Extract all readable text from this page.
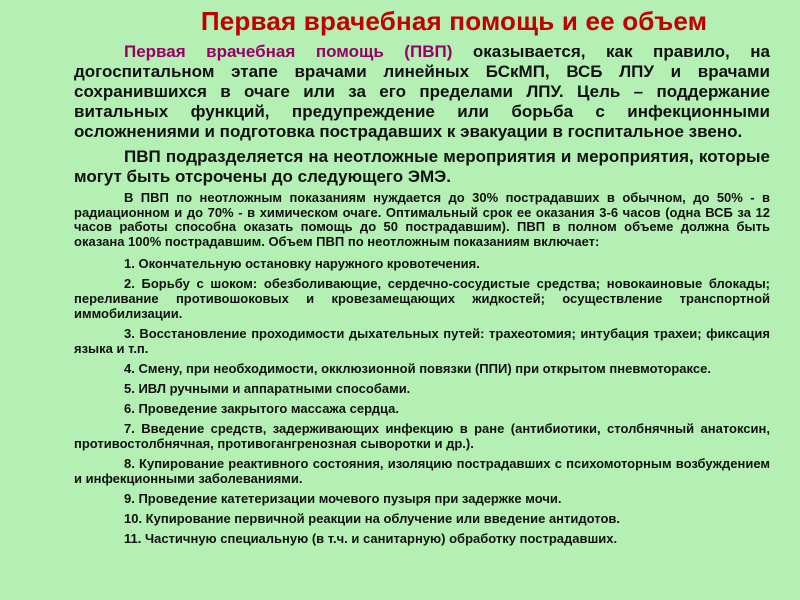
Первая врачебная помощь и ее объем

Первая врачебная помощь (ПВП) оказывается, как правило, на догоспитальном этапе врачами линейных БСкМП, ВСБ ЛПУ и врачами сохранившихся в очаге или за его пределами ЛПУ. Цель – поддержание витальных функций, предупреждение или борьба с инфекционными осложнениями и подготовка пострадавших к эвакуации в госпитальное звено.

ПВП подразделяется на неотложные мероприятия и мероприятия, которые могут быть отсрочены до следующего ЭМЭ.

В ПВП по неотложным показаниям нуждается до 30% пострадавших в обычном, до 50% - в радиационном и до 70% - в химическом очаге. Оптимальный срок ее оказания 3-6 часов (одна ВСБ за 12 часов работы способна оказать помощь до 50 пострадавшим). ПВП в полном объеме должна быть оказана 100% пострадавшим. Объем ПВП по неотложным показаниям включает:

1. Окончательную остановку наружного кровотечения.

2. Борьбу с шоком: обезболивающие, сердечно-сосудистые средства; новокаиновые блокады; переливание противошоковых и кровезамещающих жидкостей; осуществление транспортной иммобилизации.

3. Восстановление проходимости дыхательных путей: трахеотомия; интубация трахеи; фиксация языка и т.п.

4. Смену, при необходимости, окклюзионной повязки (ППИ) при открытом пневмотораксе.

5. ИВЛ ручными и аппаратными способами.

6. Проведение закрытого массажа сердца.

7. Введение средств, задерживающих инфекцию в ране (антибиотики, столбнячный анатоксин, противостолбнячная, противогангренозная сыворотки и др.).

8. Купирование реактивного состояния, изоляцию пострадавших с психомоторным возбуждением и инфекционными заболеваниями.

9. Проведение катетеризации мочевого пузыря при задержке мочи.

10. Купирование первичной реакции на облучение или введение антидотов.

11. Частичную специальную (в т.ч. и санитарную) обработку пострадавших.
